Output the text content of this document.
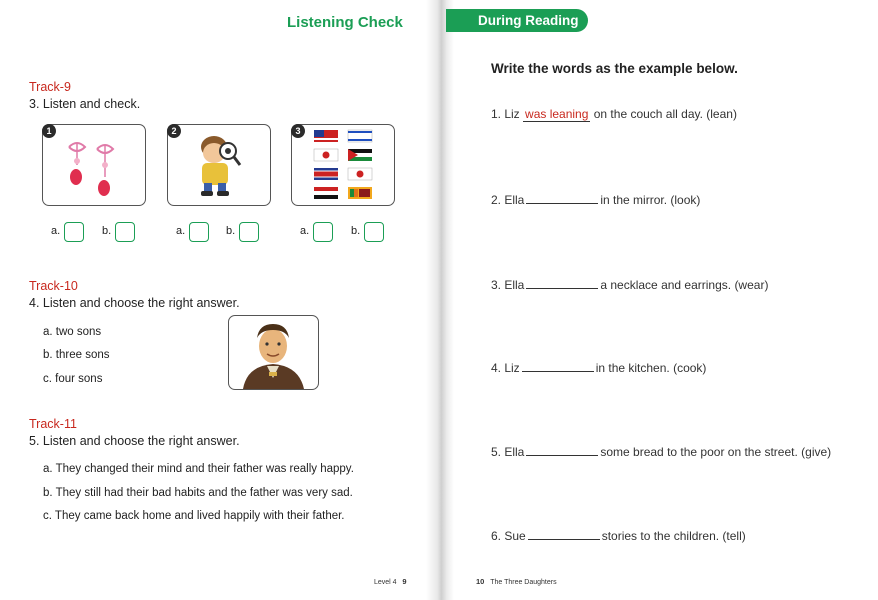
Listening Check
Track-9
3. Listen and check.
1	2	3
a.	b.	a.	b.	a.	b.
Track-10
4. Listen and choose the right answer.
a. two sons
b. three sons
c. four sons
Track-11
5. Listen and choose the right answer.
a. They changed their mind and their father was really happy.
b. They still had their bad habits and the father was very sad.
c. They came back home and lived happily with their father.
Level 4 9
During Reading
Write the words as the example below.
1. Liz was leaning on the couch all day. (lean)
2. Ella	in the mirror. (look)
3. Ella	a necklace and earrings. (wear)
4. Liz	in the kitchen. (cook)
5. Ella	some bread to the poor on the street. (give)
6. Sue	stories to the children. (tell)
10 The Three Daughters
